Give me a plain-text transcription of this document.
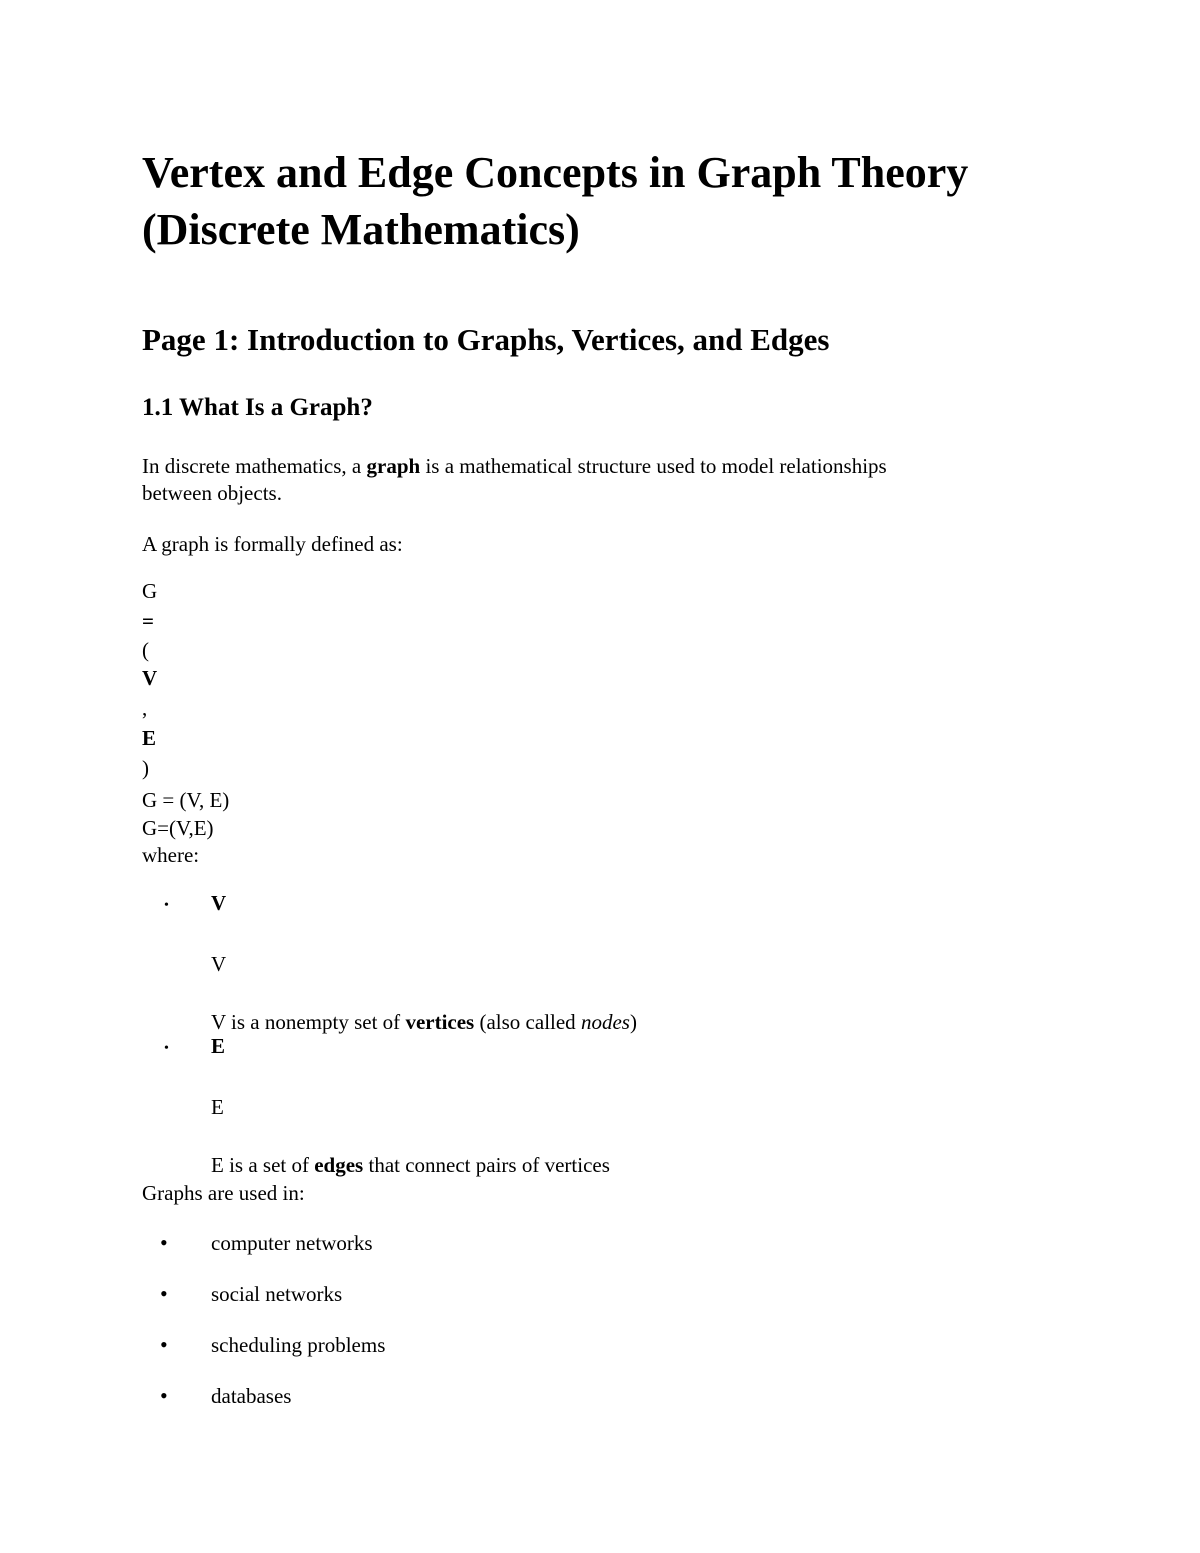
Vertex and Edge Concepts in Graph Theory
(Discrete Mathematics)
Page 1: Introduction to Graphs, Vertices, and Edges
1.1 What Is a Graph?
In discrete mathematics, a graph is a mathematical structure used to model relationships
between objects.
A graph is formally defined as:
G
=
(
V
,
E
)
G = (V, E)
G=(V,E)
where:
• V
V
V is a nonempty set of vertices (also called nodes)
• E
E
E is a set of edges that connect pairs of vertices
Graphs are used in:
• computer networks
• social networks
• scheduling problems
• databases
